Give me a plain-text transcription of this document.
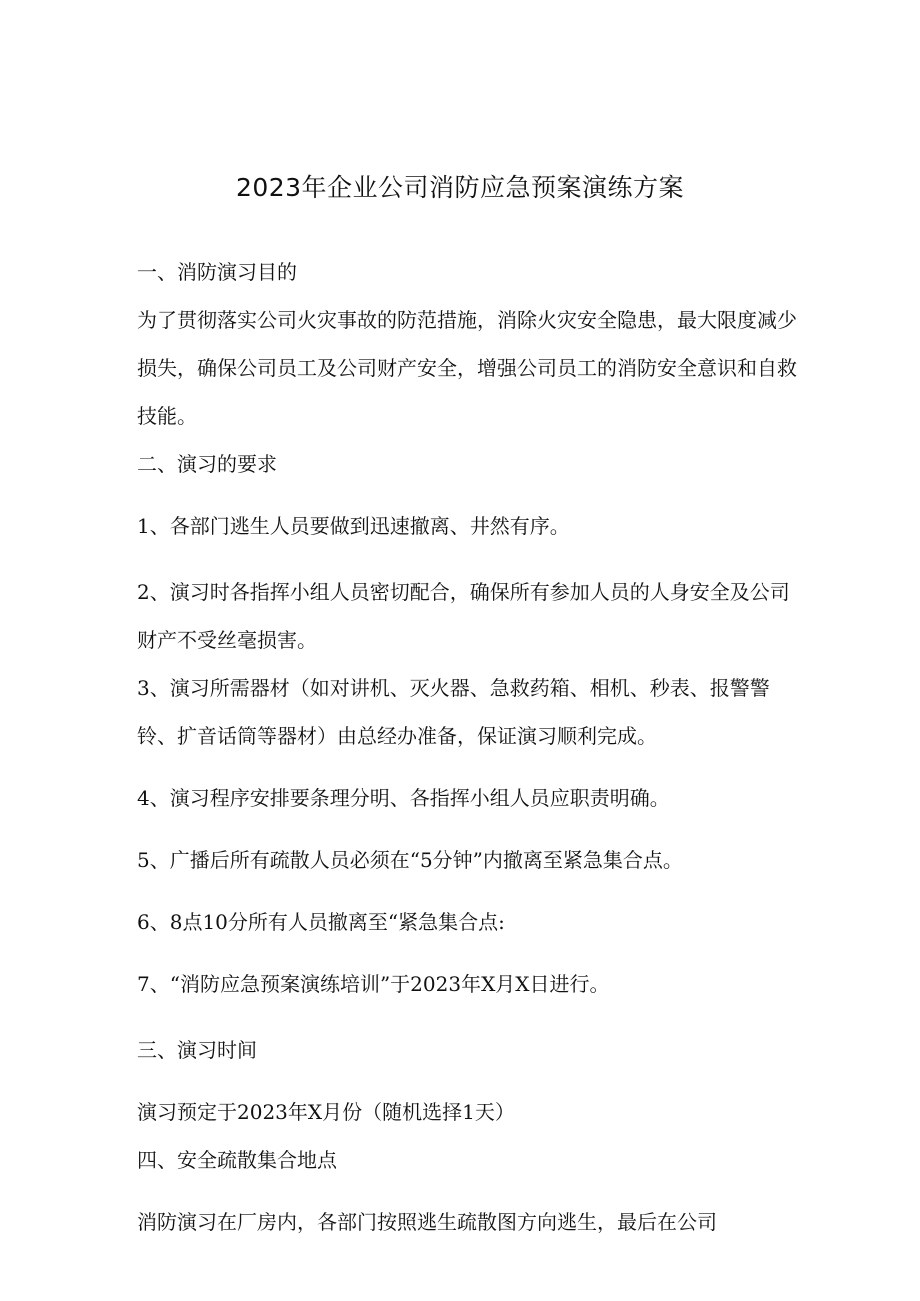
2023年企业公司消防应急预案演练方案

一、消防演习目的

为了贯彻落实公司火灾事故的防范措施，消除火灾安全隐患，最大限度减少损失，确保公司员工及公司财产安全，增强公司员工的消防安全意识和自救技能。

二、演习的要求

1、各部门逃生人员要做到迅速撤离、井然有序。

2、演习时各指挥小组人员密切配合，确保所有参加人员的人身安全及公司财产不受丝毫损害。

3、演习所需器材（如对讲机、灭火器、急救药箱、相机、秒表、报警警铃、扩音话筒等器材）由总经办准备，保证演习顺利完成。

4、演习程序安排要条理分明、各指挥小组人员应职责明确。

5、广播后所有疏散人员必须在“5分钟”内撤离至紧急集合点。

6、8点10分所有人员撤离至“紧急集合点:

7、“消防应急预案演练培训”于2023年X月X日进行。

三、演习时间

演习预定于2023年X月份（随机选择1天）

四、安全疏散集合地点

消防演习在厂房内，各部门按照逃生疏散图方向逃生，最后在公司
